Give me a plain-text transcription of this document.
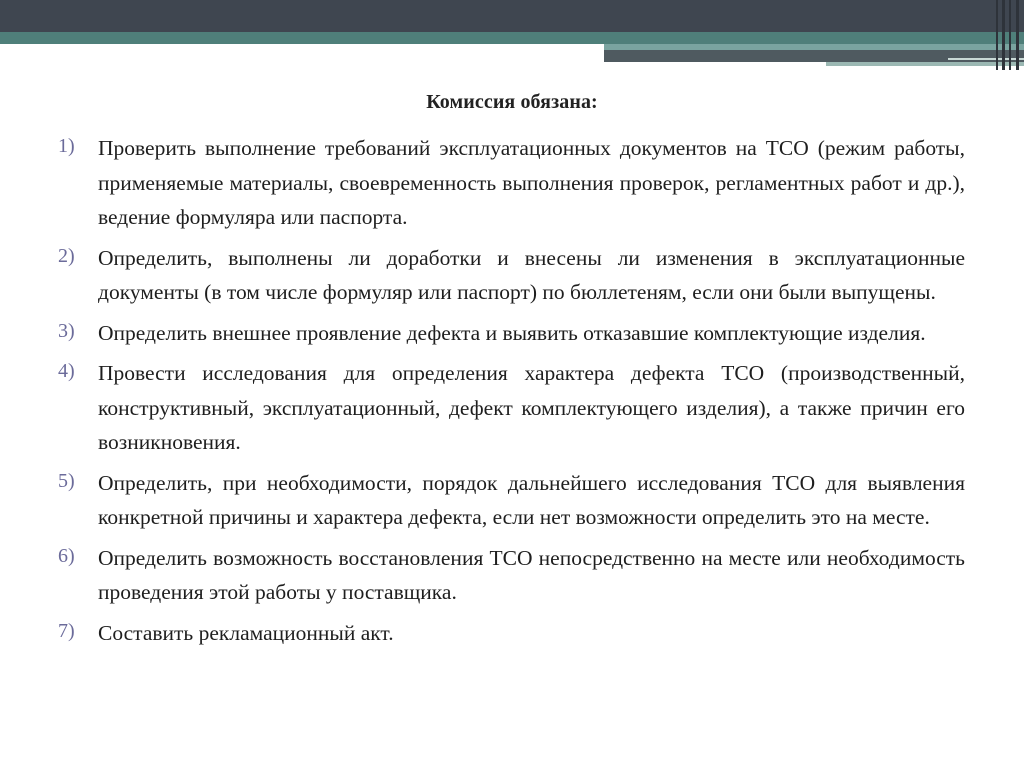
Комиссия обязана:
1)	Проверить выполнение требований эксплуатационных документов на ТСО (режим работы, применяемые материалы, своевременность выполнения проверок, регламентных работ и др.), ведение формуляра или паспорта.
2)	Определить, выполнены ли доработки и внесены ли изменения в эксплуатационные документы (в том числе формуляр или паспорт) по бюллетеням, если они были выпущены.
3)	Определить внешнее проявление дефекта и выявить отказавшие комплектующие изделия.
4)	Провести исследования для определения характера дефекта ТСО (производственный, конструктивный, эксплуатационный, дефект комплектующего изделия), а также причин его возникновения.
5)	Определить, при необходимости, порядок дальнейшего исследования ТСО для выявления конкретной причины и характера дефекта, если нет возможности определить это на месте.
6)	Определить возможность восстановления ТСО непосредственно на месте или необходимость проведения этой работы у поставщика.
7)	Составить рекламационный акт.
